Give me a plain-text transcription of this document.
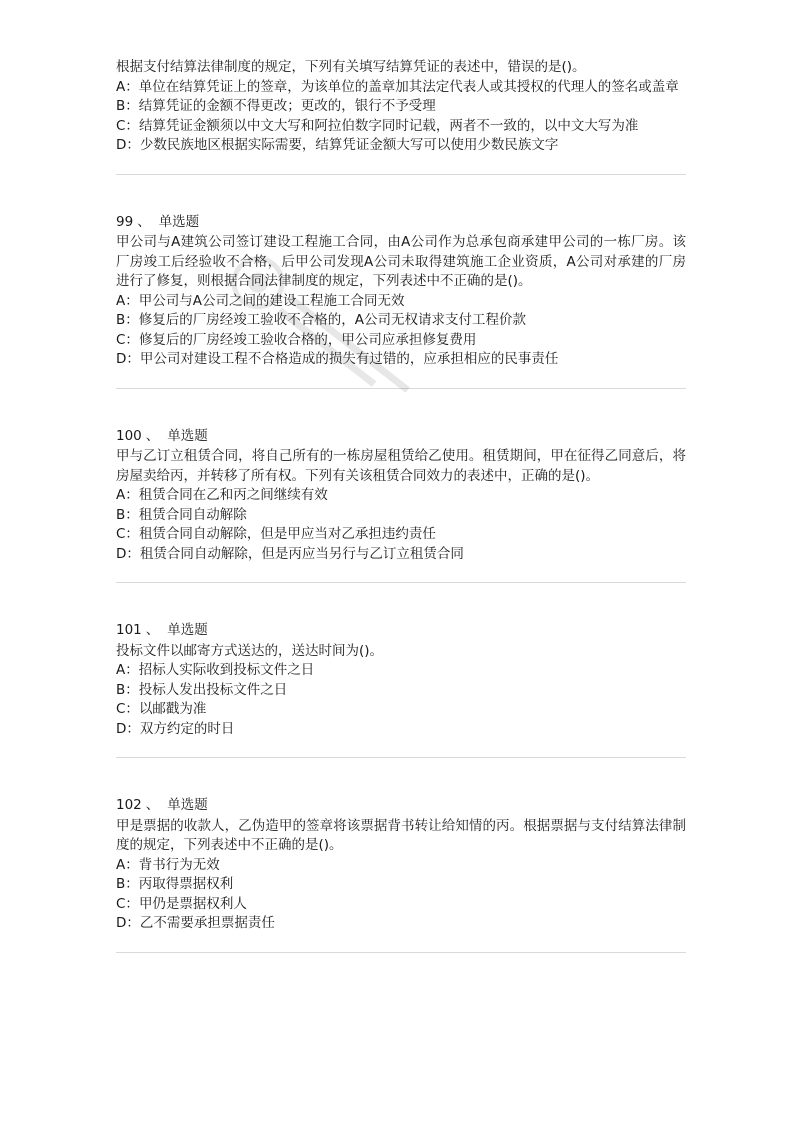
根据支付结算法律制度的规定，下列有关填写结算凭证的表述中，错误的是()。
A： 单位在结算凭证上的签章，为该单位的盖章加其法定代表人或其授权的代理人的签名或盖章
B： 结算凭证的金额不得更改；更改的，银行不予受理
C： 结算凭证金额须以中文大写和阿拉伯数字同时记载，两者不一致的，以中文大写为准
D： 少数民族地区根据实际需要，结算凭证金额大写可以使用少数民族文字
99 、 单选题
甲公司与A建筑公司签订建设工程施工合同，由A公司作为总承包商承建甲公司的一栋厂房。该厂房竣工后经验收不合格，后甲公司发现A公司未取得建筑施工企业资质，A公司对承建的厂房进行了修复，则根据合同法律制度的规定，下列表述中不正确的是()。
A： 甲公司与A公司之间的建设工程施工合同无效
B： 修复后的厂房经竣工验收不合格的，A公司无权请求支付工程价款
C： 修复后的厂房经竣工验收合格的，甲公司应承担修复费用
D： 甲公司对建设工程不合格造成的损失有过错的，应承担相应的民事责任
100 、 单选题
甲与乙订立租赁合同，将自己所有的一栋房屋租赁给乙使用。租赁期间，甲在征得乙同意后，将房屋卖给丙，并转移了所有权。下列有关该租赁合同效力的表述中，正确的是()。
A： 租赁合同在乙和丙之间继续有效
B： 租赁合同自动解除
C： 租赁合同自动解除，但是甲应当对乙承担违约责任
D： 租赁合同自动解除，但是丙应当另行与乙订立租赁合同
101 、 单选题
投标文件以邮寄方式送达的，送达时间为()。
A： 招标人实际收到投标文件之日
B： 投标人发出投标文件之日
C： 以邮戳为准
D： 双方约定的时日
102 、 单选题
甲是票据的收款人，乙伪造甲的签章将该票据背书转让给知情的丙。根据票据与支付结算法律制度的规定，下列表述中不正确的是()。
A： 背书行为无效
B： 丙取得票据权利
C： 甲仍是票据权利人
D： 乙不需要承担票据责任
